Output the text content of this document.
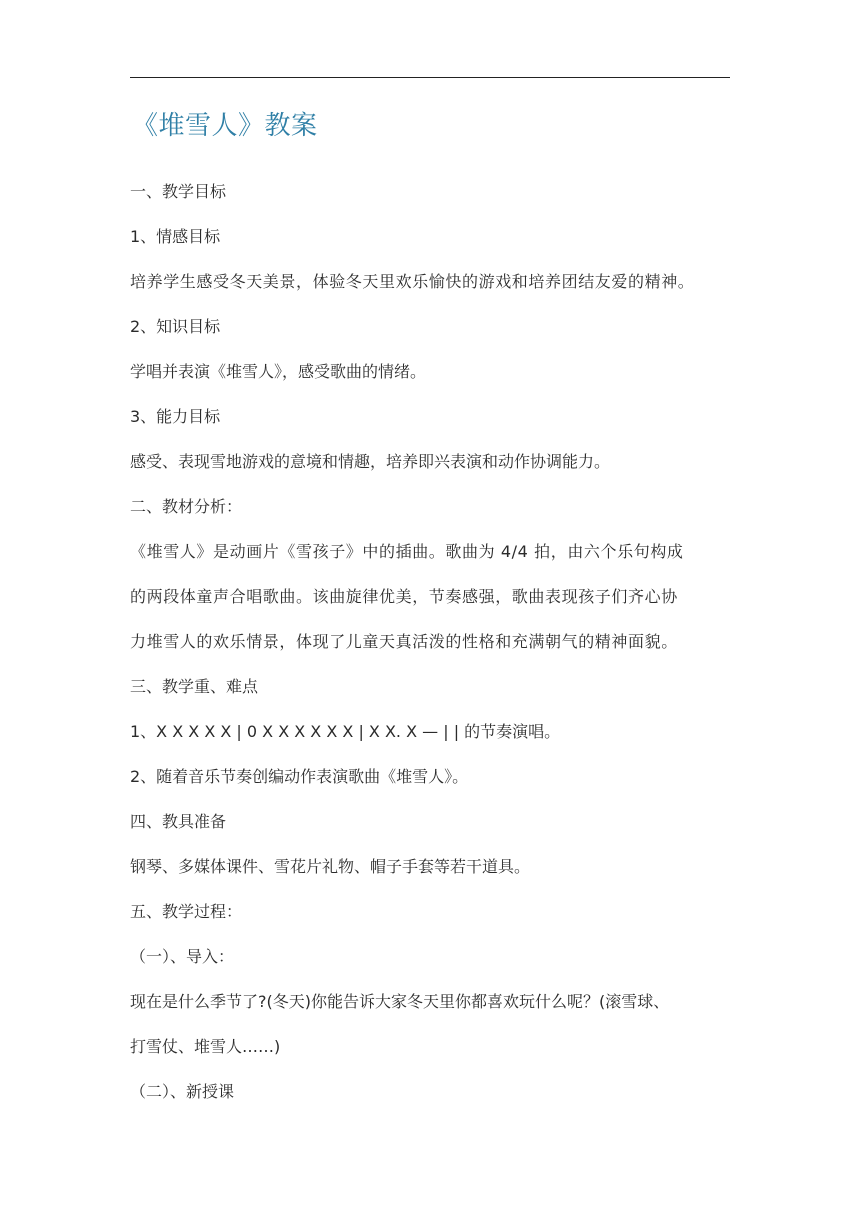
《堆雪人》教案
一、教学目标
1、情感目标
培养学生感受冬天美景，体验冬天里欢乐愉快的游戏和培养团结友爱的精神。
2、知识目标
学唱并表演《堆雪人》，感受歌曲的情绪。
3、能力目标
感受、表现雪地游戏的意境和情趣，培养即兴表演和动作协调能力。
二、教材分析：
《堆雪人》是动画片《雪孩子》中的插曲。歌曲为 4/4 拍，由六个乐句构成
的两段体童声合唱歌曲。该曲旋律优美，节奏感强，歌曲表现孩子们齐心协
力堆雪人的欢乐情景，体现了儿童天真活泼的性格和充满朝气的精神面貌。
三、教学重、难点
1、X X X X X | 0 X X X X X X | X X. X — | | 的节奏演唱。
2、随着音乐节奏创编动作表演歌曲《堆雪人》。
四、教具准备
钢琴、多媒体课件、雪花片礼物、帽子手套等若干道具。
五、教学过程：
（一）、导入：
现在是什么季节了?(冬天)你能告诉大家冬天里你都喜欢玩什么呢？(滚雪球、
打雪仗、堆雪人……)
（二）、新授课
